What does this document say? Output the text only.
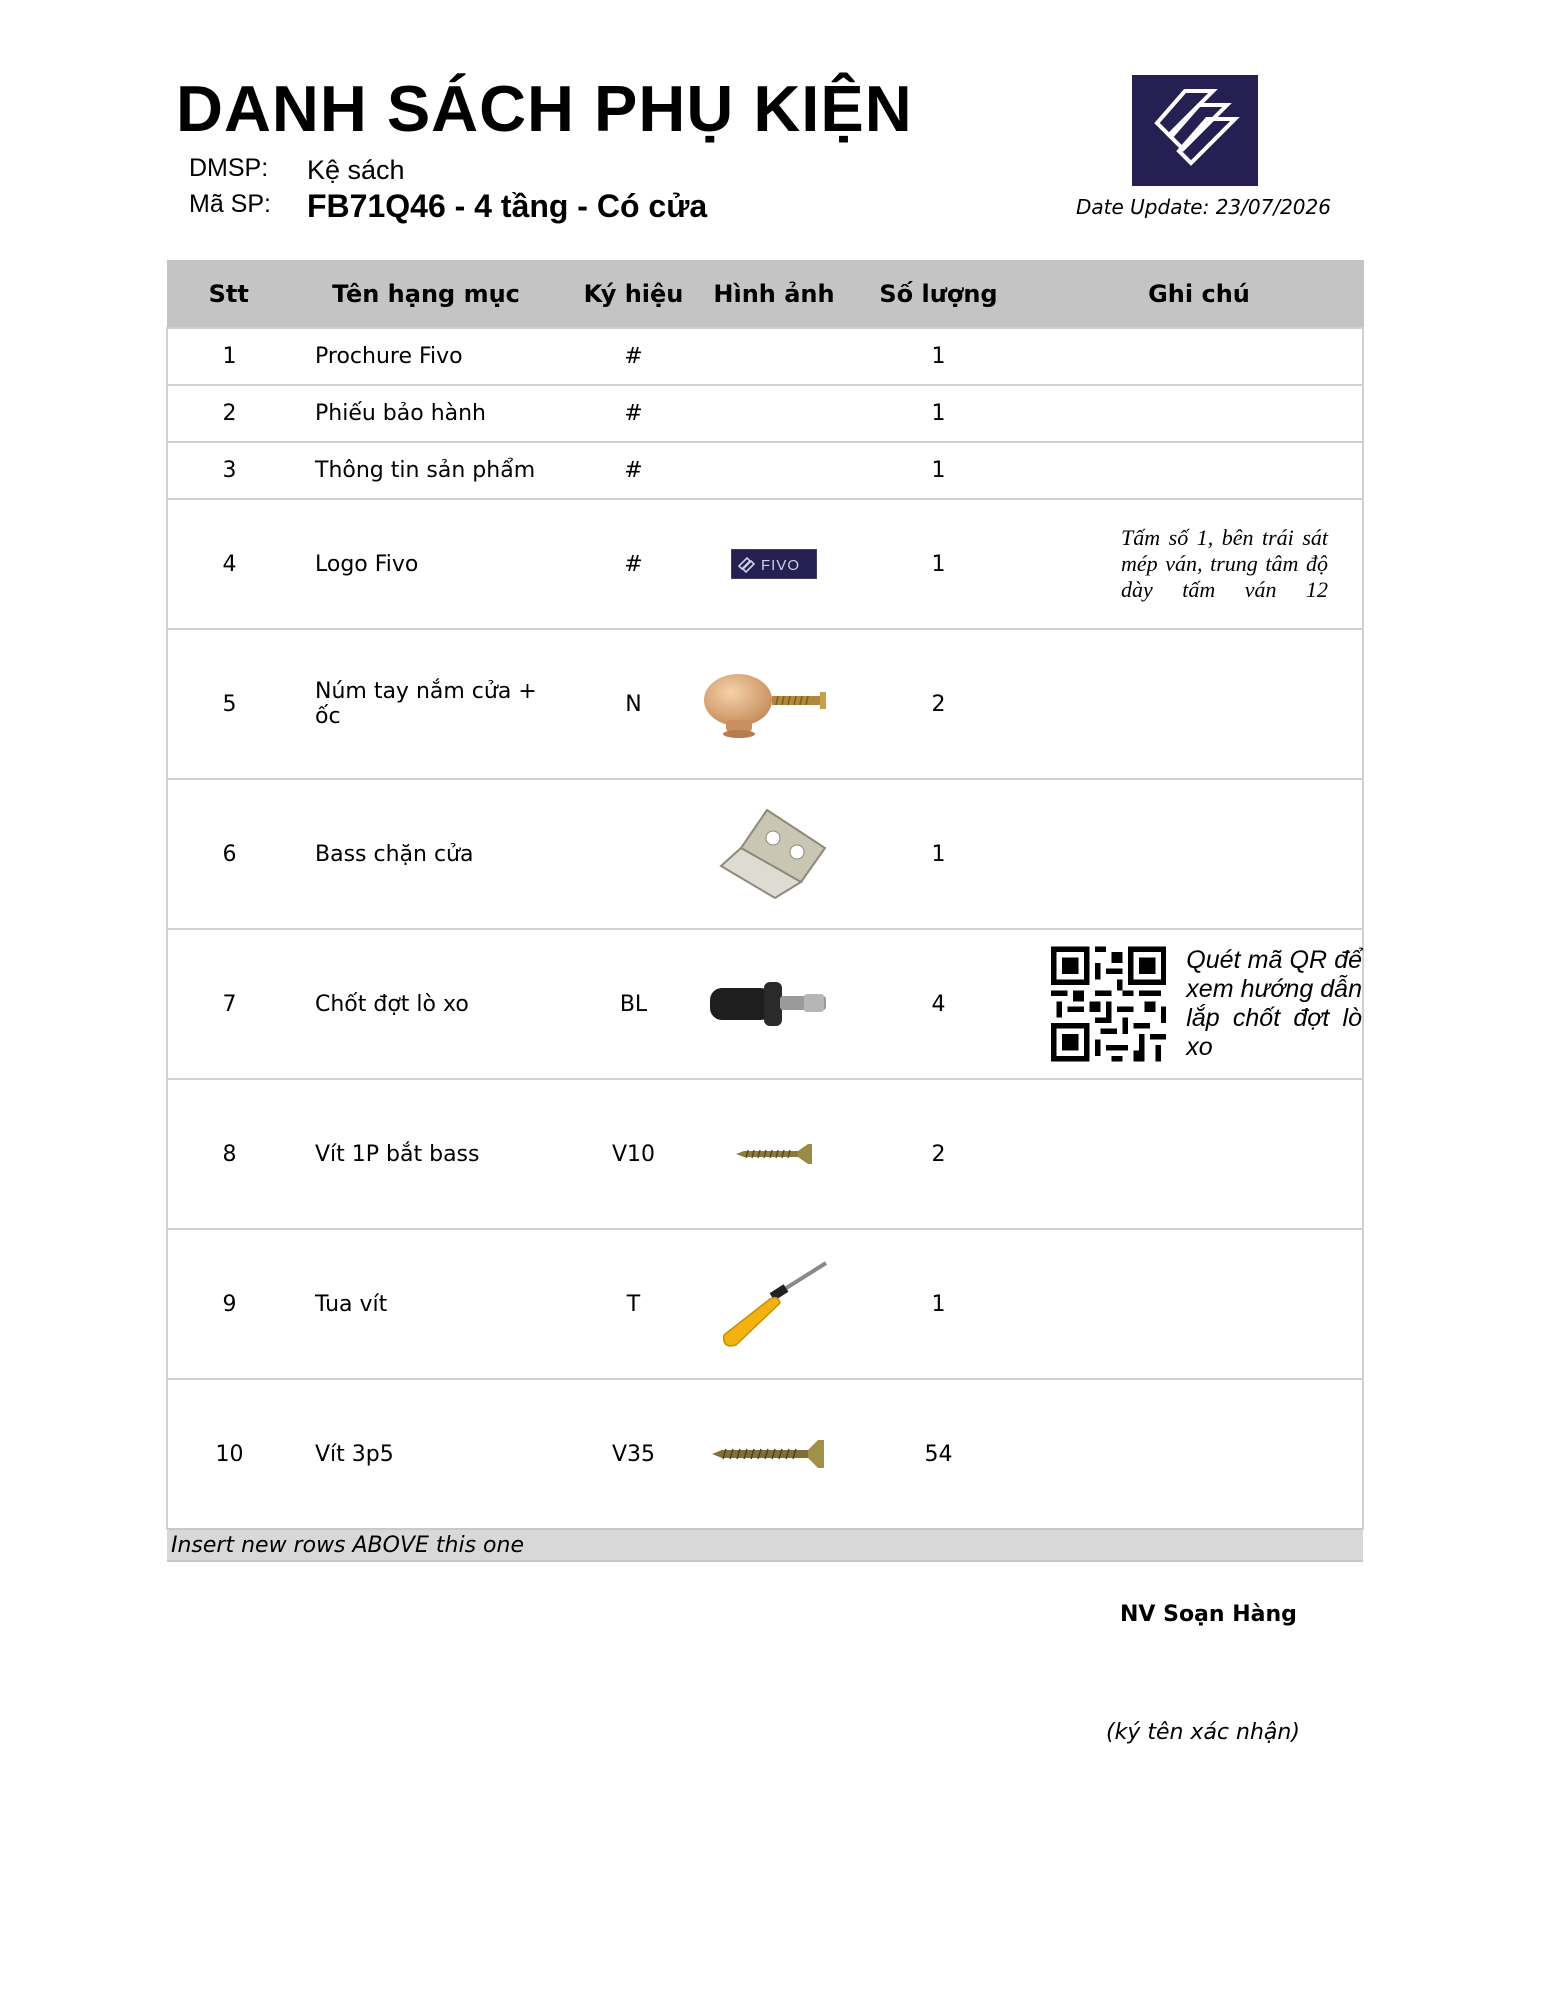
DANH SÁCH PHỤ KIỆN
DMSP: Kệ sách
Mã SP: FB71Q46 - 4 tầng - Có cửa	Date Update: 23/07/2026
Stt	Tên hạng mục	Ký hiệu	Hình ảnh	Số lượng	Ghi chú
1	Prochure Fivo	#		1	
2	Phiếu bảo hành	#		1	
3	Thông tin sản phẩm	#		1	
4	Logo Fivo	#	FIVO	1	Tấm số 1, bên trái sát mép ván, trung tâm độ dày tấm ván 12
5	Núm tay nắm cửa + ốc	N		2	
6	Bass chặn cửa			1	
7	Chốt đợt lò xo	BL		4	Quét mã QR để xem hướng dẫn lắp chốt đợt lò xo

8	Vít 1P bắt bass	V10		2	
9	Tua vít	T		1	
10	Vít 3p5	V35		54	
Insert new rows ABOVE this one					
NV Soạn Hàng
(ký tên xác nhận)
